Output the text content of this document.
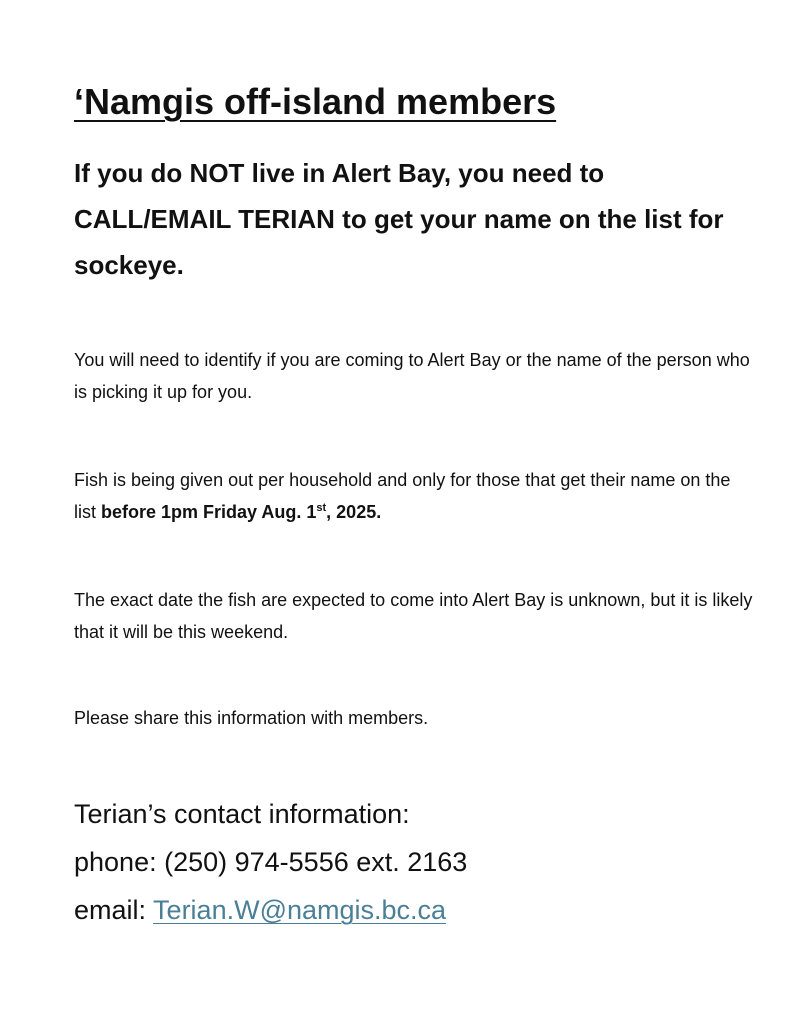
‘Namgis off-island members

If you do NOT live in Alert Bay, you need to CALL/EMAIL TERIAN to get your name on the list for sockeye.

You will need to identify if you are coming to Alert Bay or the name of the person who is picking it up for you.

Fish is being given out per household and only for those that get their name on the list before 1pm Friday Aug. 1st, 2025.

The exact date the fish are expected to come into Alert Bay is unknown, but it is likely that it will be this weekend.

Please share this information with members.

Terian’s contact information:
phone: (250) 974-5556 ext. 2163
email: Terian.W@namgis.bc.ca
